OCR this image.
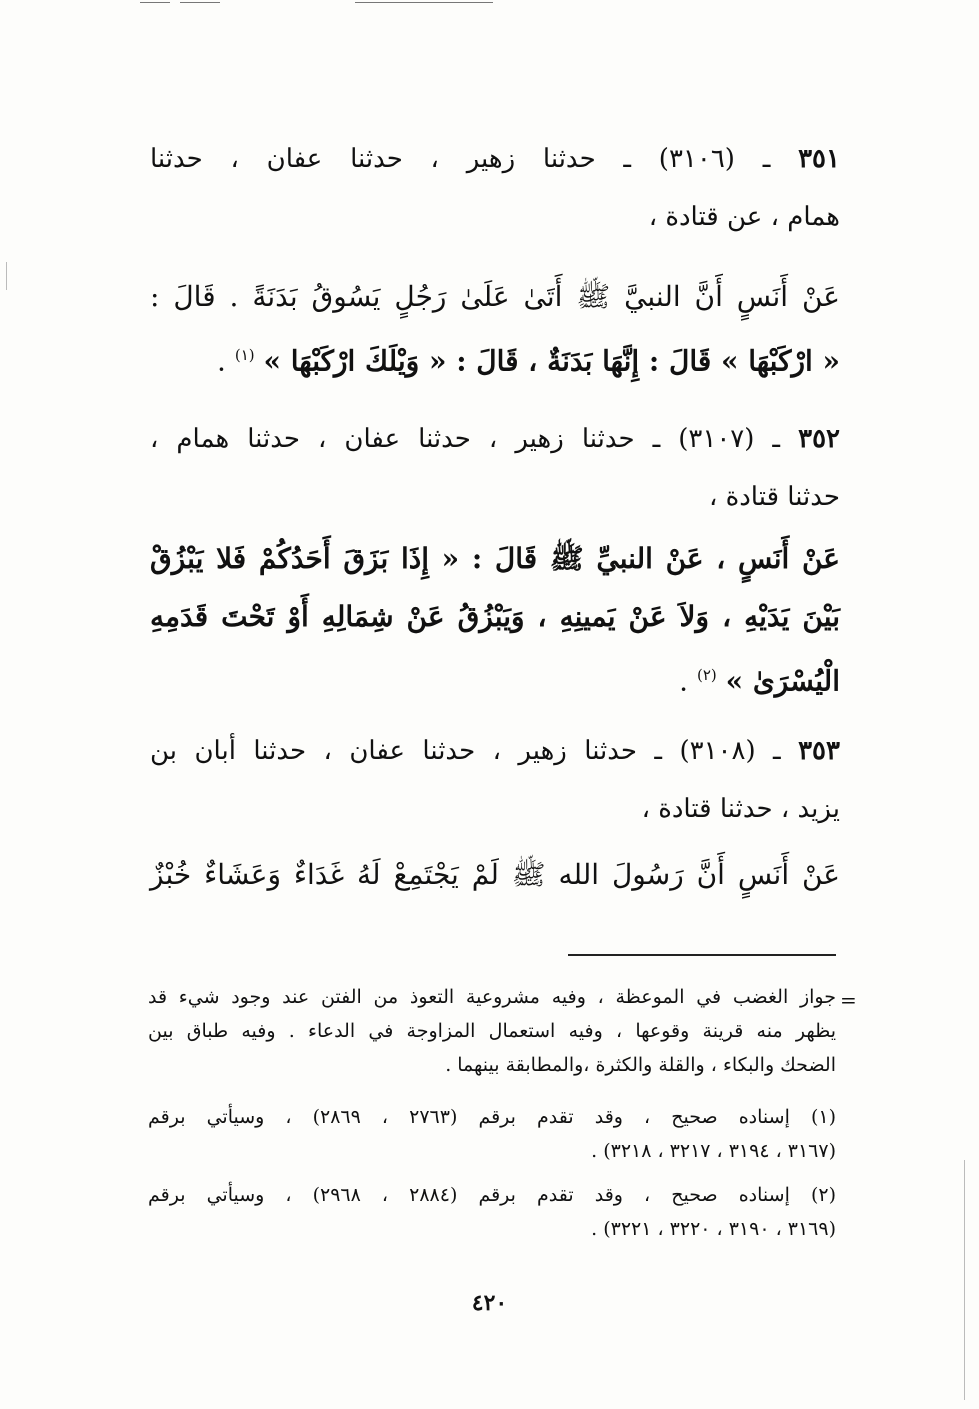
٣٥١ ـ (٣١٠٦) ـ حدثنا زهير ، حدثنا عفان ، حدثنا
همام ، عن قتادة ،
عَنْ أَنَسٍ أَنَّ النبيَّ ﷺ أَتَىٰ عَلَىٰ رَجُلٍ يَسُوقُ بَدَنَةً . قَالَ :
« ارْكَبْهَا » قَالَ : إِنَّهَا بَدَنَةٌ ، قَالَ : « وَيْلَكَ ارْكَبْهَا » $^{(١)}$ .
٣٥٢ ـ (٣١٠٧) ـ حدثنا زهير ، حدثنا عفان ، حدثنا همام ،
حدثنا قتادة ،
عَنْ أَنَسٍ ، عَنْ النبيِّ ﷺ قَالَ : « إِذَا بَزَقَ أَحَدُكُمْ فَلا يَبْزُقْ
بَيْنَ يَدَيْهِ ، وَلاَ عَنْ يَمينِهِ ، وَيَبْزُقُ عَنْ شِمَالِهِ أَوْ تَحْتَ قَدَمِهِ
الْيُسْرَىٰ » $^{(٢)}$ .
٣٥٣ ـ (٣١٠٨) ـ حدثنا زهير ، حدثنا عفان ، حدثنا أبان بن
يزيد ، حدثنا قتادة ،
عَنْ أَنَسٍ أَنَّ رَسُولَ الله ﷺ لَمْ يَجْتَمِعْ لَهُ غَدَاءٌ وَعَشَاءٌ خُبْزٌ
=
جواز الغضب في الموعظة ، وفيه مشروعية التعوذ من الفتن عند وجود شيء قد
يظهر منه قرينة وقوعها ، وفيه استعمال المزاوجة في الدعاء . وفيه طباق بين
الضحك والبكاء ، والقلة والكثرة ،والمطابقة بينهما .
(١) إسناده صحيح ، وقد تقدم برقم (٢٧٦٣ ، ٢٨٦٩) ، وسيأتي برقم
(٣١٦٧ ، ٣١٩٤ ، ٣٢١٧ ، ٣٢١٨) .
(٢) إسناده صحيح ، وقد تقدم برقم (٢٨٨٤ ، ٢٩٦٨) ، وسيأتي برقم
(٣١٦٩ ، ٣١٩٠ ، ٣٢٢٠ ، ٣٢٢١) .
٤٢٠
